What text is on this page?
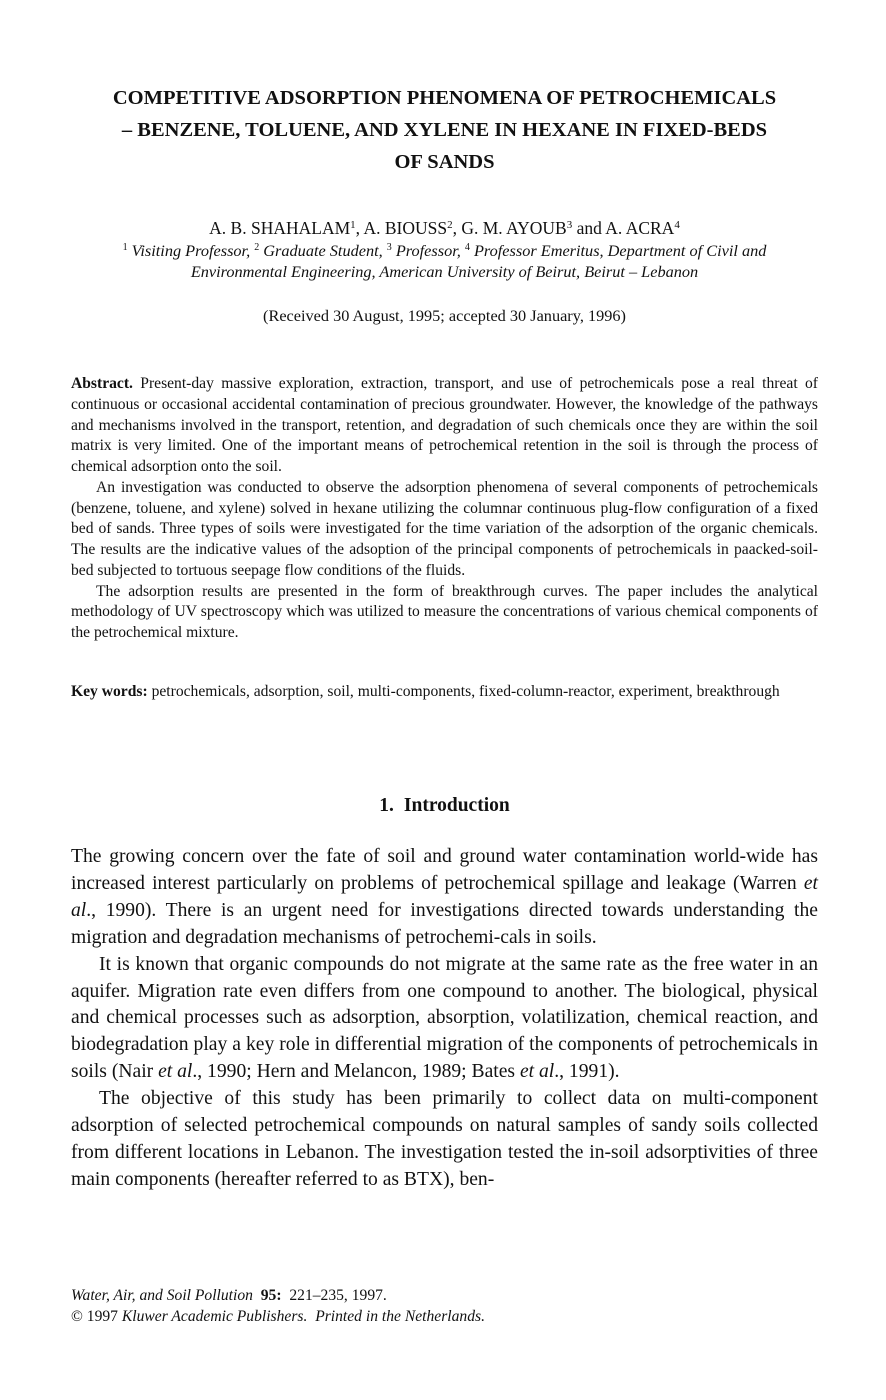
COMPETITIVE ADSORPTION PHENOMENA OF PETROCHEMICALS
– BENZENE, TOLUENE, AND XYLENE IN HEXANE IN FIXED-BEDS
OF SANDS
A. B. SHAHALAM$^1$, A. BIOUSS$^2$, G. M. AYOUB$^3$ and A. ACRA$^4$
$^1$ Visiting Professor, $^2$ Graduate Student, $^3$ Professor, $^4$ Professor Emeritus, Department of Civil and
Environmental Engineering, American University of Beirut, Beirut – Lebanon
(Received 30 August, 1995; accepted 30 January, 1996)

Abstract. Present-day massive exploration, extraction, transport, and use of petrochemicals pose a real threat of continuous or occasional accidental contamination of precious groundwater. However, the knowledge of the pathways and mechanisms involved in the transport, retention, and degradation of such chemicals once they are within the soil matrix is very limited. One of the important means of petrochemical retention in the soil is through the process of chemical adsorption onto the soil.

An investigation was conducted to observe the adsorption phenomena of several components of petrochemicals (benzene, toluene, and xylene) solved in hexane utilizing the columnar continuous plug-flow configuration of a fixed bed of sands. Three types of soils were investigated for the time variation of the adsorption of the organic chemicals. The results are the indicative values of the adsoption of the principal components of petrochemicals in paacked-soil-bed subjected to tortuous seepage flow conditions of the fluids.

The adsorption results are presented in the form of breakthrough curves. The paper includes the analytical methodology of UV spectroscopy which was utilized to measure the concentrations of various chemical components of the petrochemical mixture.

Key words: petrochemicals, adsorption, soil, multi-components, fixed-column-reactor, experiment, breakthrough

1. Introduction

The growing concern over the fate of soil and ground water contamination world-wide has increased interest particularly on problems of petrochemical spillage and leakage (Warren et al., 1990). There is an urgent need for investigations directed towards understanding the migration and degradation mechanisms of petrochemi-cals in soils.

It is known that organic compounds do not migrate at the same rate as the free water in an aquifer. Migration rate even differs from one compound to another. The biological, physical and chemical processes such as adsorption, absorption, volatilization, chemical reaction, and biodegradation play a key role in differential migration of the components of petrochemicals in soils (Nair et al., 1990; Hern and Melancon, 1989; Bates et al., 1991).

The objective of this study has been primarily to collect data on multi-component adsorption of selected petrochemical compounds on natural samples of sandy soils collected from different locations in Lebanon. The investigation tested the in-soil adsorptivities of three main components (hereafter referred to as BTX), ben-

Water, Air, and Soil Pollution 95: 221–235, 1997.
© 1997 Kluwer Academic Publishers. Printed in the Netherlands.
